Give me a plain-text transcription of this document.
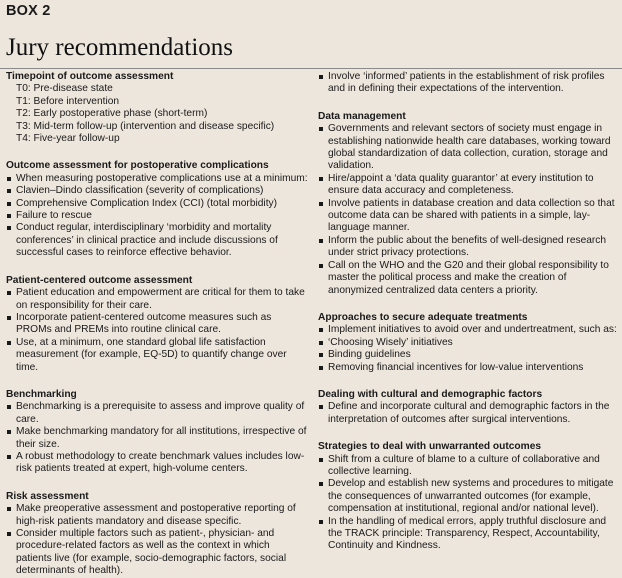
BOX 2
Jury recommendations

Timepoint of outcome assessment

T0: Pre-disease state

T1: Before intervention

T2: Early postoperative phase (short-term)

T3: Mid-term follow-up (intervention and disease specific)

T4: Five-year follow-up

Outcome assessment for postoperative complications

When measuring postoperative complications use at a minimum:
Clavien–Dindo classification (severity of complications)
Comprehensive Complication Index (CCI) (total morbidity)
Failure to rescue
Conduct regular, interdisciplinary ‘morbidity and mortality conferences’ in clinical practice and include discussions of successful cases to reinforce effective behavior.

Patient-centered outcome assessment

Patient education and empowerment are critical for them to take on responsibility for their care.
Incorporate patient-centered outcome measures such as PROMs and PREMs into routine clinical care.
Use, at a minimum, one standard global life satisfaction measurement (for example, EQ-5D) to quantify change over time.

Benchmarking

Benchmarking is a prerequisite to assess and improve quality of care.
Make benchmarking mandatory for all institutions, irrespective of their size.
A robust methodology to create benchmark values includes low-risk patients treated at expert, high-volume centers.

Risk assessment

Make preoperative assessment and postoperative reporting of high-risk patients mandatory and disease specific.
Consider multiple factors such as patient-, physician- and procedure-related factors as well as the context in which patients live (for example, socio-demographic factors, social determinants of health).
Involve ‘informed’ patients in the establishment of risk profiles and in defining their expectations of the intervention.

Data management

Governments and relevant sectors of society must engage in establishing nationwide health care databases, working toward global standardization of data collection, curation, storage and validation.
Hire/appoint a ‘data quality guarantor’ at every institution to ensure data accuracy and completeness.
Involve patients in database creation and data collection so that outcome data can be shared with patients in a simple, lay-language manner.
Inform the public about the benefits of well-designed research under strict privacy protections.
Call on the WHO and the G20 and their global responsibility to master the political process and make the creation of anonymized centralized data centers a priority.

Approaches to secure adequate treatments

Implement initiatives to avoid over and undertreatment, such as:
‘Choosing Wisely’ initiatives
Binding guidelines
Removing financial incentives for low-value interventions

Dealing with cultural and demographic factors

Define and incorporate cultural and demographic factors in the interpretation of outcomes after surgical interventions.

Strategies to deal with unwarranted outcomes

Shift from a culture of blame to a culture of collaborative and collective learning.
Develop and establish new systems and procedures to mitigate the consequences of unwarranted outcomes (for example, compensation at institutional, regional and/or national level).
In the handling of medical errors, apply truthful disclosure and the TRACK principle: Transparency, Respect, Accountability, Continuity and Kindness.
